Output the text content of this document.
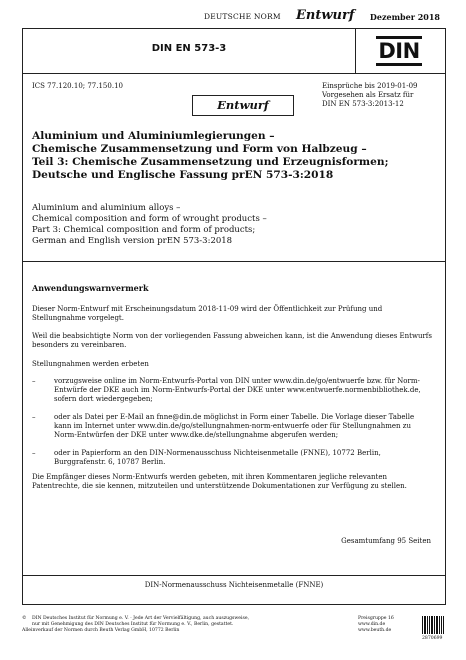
DEUTSCHE NORM Entwurf Dezember 2018
DIN EN 573-3	DIN
ICS 77.120.10; 77.150.10	Einsprüche bis 2019-01-09
Vorgesehen als Ersatz für
DIN EN 573-3:2013-12
Entwurf
Aluminium und Aluminiumlegierungen –
Chemische Zusammensetzung und Form von Halbzeug –
Teil 3: Chemische Zusammensetzung und Erzeugnisformen;
Deutsche und Englische Fassung prEN 573-3:2018
Aluminium and aluminium alloys –
Chemical composition and form of wrought products –
Part 3: Chemical composition and form of products;
German and English version prEN 573-3:2018
Anwendungswarnvermerk
Dieser Norm-Entwurf mit Erscheinungsdatum 2018-11-09 wird der Öffentlichkeit zur Prüfung und Stellungnahme vorgelegt.
Weil die beabsichtigte Norm von der vorliegenden Fassung abweichen kann, ist die Anwendung dieses Entwurfs besonders zu vereinbaren.
Stellungnahmen werden erbeten
–	vorzugsweise online im Norm-Entwurfs-Portal von DIN unter www.din.de/go/entwuerfe bzw. für Norm-Entwürfe der DKE auch im Norm-Entwurfs-Portal der DKE unter www.entwuerfe.normenbibliothek.de, sofern dort wiedergegeben;
–	oder als Datei per E-Mail an fnne@din.de möglichst in Form einer Tabelle. Die Vorlage dieser Tabelle kann im Internet unter www.din.de/go/stellungnahmen-norm-entwuerfe oder für Stellungnahmen zu Norm-Entwürfen der DKE unter www.dke.de/stellungnahme abgerufen werden;
–	oder in Papierform an den DIN-Normenausschuss Nichteisenmetalle (FNNE), 10772 Berlin, Burggrafenstr. 6, 10787 Berlin.
Die Empfänger dieses Norm-Entwurfs werden gebeten, mit ihren Kommentaren jegliche relevanten Patentrechte, die sie kennen, mitzuteilen und unterstützende Dokumentationen zur Verfügung zu stellen.
Gesamtumfang 95 Seiten
DIN-Normenausschuss Nichteisenmetalle (FNNE)
©	DIN Deutsches Institut für Normung e. V. · Jede Art der Vervielfältigung, auch auszugsweise,
nur mit Genehmigung des DIN Deutsches Institut für Normung e. V., Berlin, gestattet.
Alleinverkauf der Normen durch Beuth Verlag GmbH, 10772 Berlin
Preisgruppe 16
www.din.de
www.beuth.de
2870699
